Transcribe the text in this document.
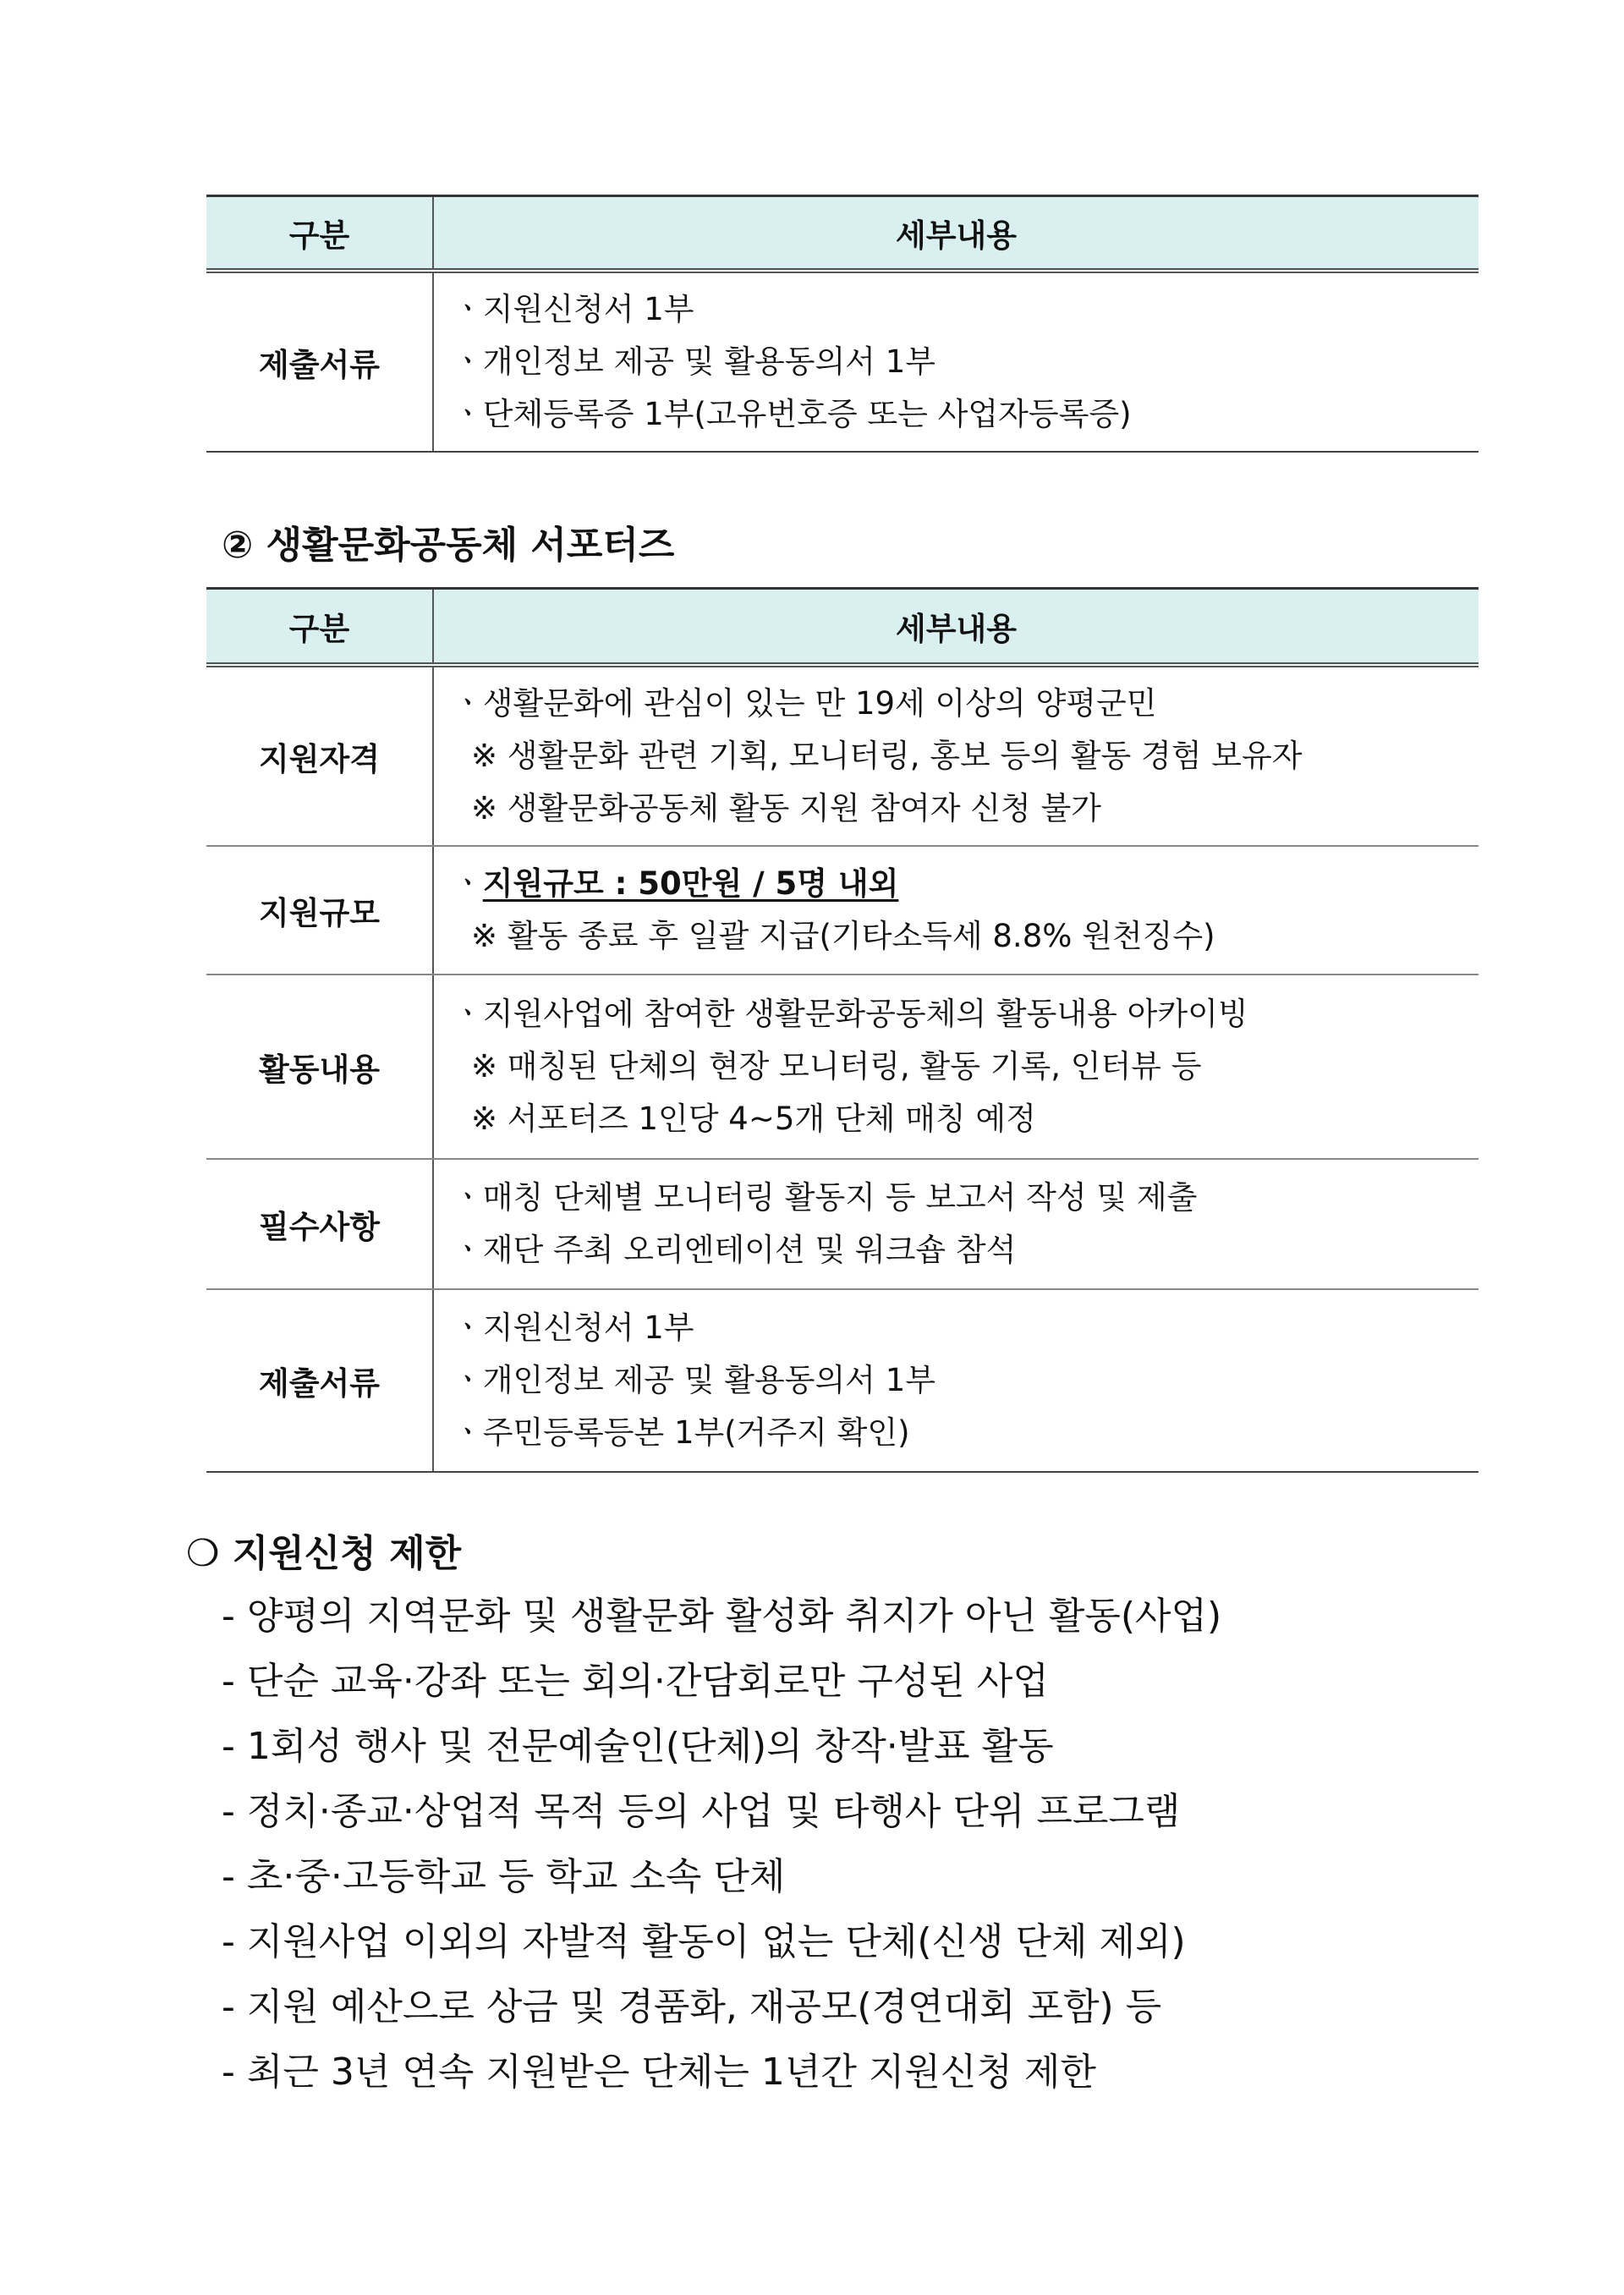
구분	세부내용
제출서류	ㆍ지원신청서 1부
ㆍ개인정보 제공 및 활용동의서 1부
ㆍ단체등록증 1부(고유번호증 또는 사업자등록증)
② 생활문화공동체 서포터즈
구분	세부내용
지원자격	ㆍ생활문화에 관심이 있는 만 19세 이상의 양평군민
※ 생활문화 관련 기획, 모니터링, 홍보 등의 활동 경험 보유자
※ 생활문화공동체 활동 지원 참여자 신청 불가

지원규모	ㆍ지원규모 : 50만원 / 5명 내외
※ 활동 종료 후 일괄 지급(기타소득세 8.8% 원천징수)

활동내용	ㆍ지원사업에 참여한 생활문화공동체의 활동내용 아카이빙
※ 매칭된 단체의 현장 모니터링, 활동 기록, 인터뷰 등
※ 서포터즈 1인당 4~5개 단체 매칭 예정

필수사항	ㆍ매칭 단체별 모니터링 활동지 등 보고서 작성 및 제출
ㆍ재단 주최 오리엔테이션 및 워크숍 참석

제출서류	ㆍ지원신청서 1부
ㆍ개인정보 제공 및 활용동의서 1부
ㆍ주민등록등본 1부(거주지 확인)
❍ 지원신청 제한
- 양평의 지역문화 및 생활문화 활성화 취지가 아닌 활동(사업)
- 단순 교육·강좌 또는 회의·간담회로만 구성된 사업
- 1회성 행사 및 전문예술인(단체)의 창작·발표 활동
- 정치·종교·상업적 목적 등의 사업 및 타행사 단위 프로그램
- 초·중·고등학교 등 학교 소속 단체
- 지원사업 이외의 자발적 활동이 없는 단체(신생 단체 제외)
- 지원 예산으로 상금 및 경품화, 재공모(경연대회 포함) 등
- 최근 3년 연속 지원받은 단체는 1년간 지원신청 제한
